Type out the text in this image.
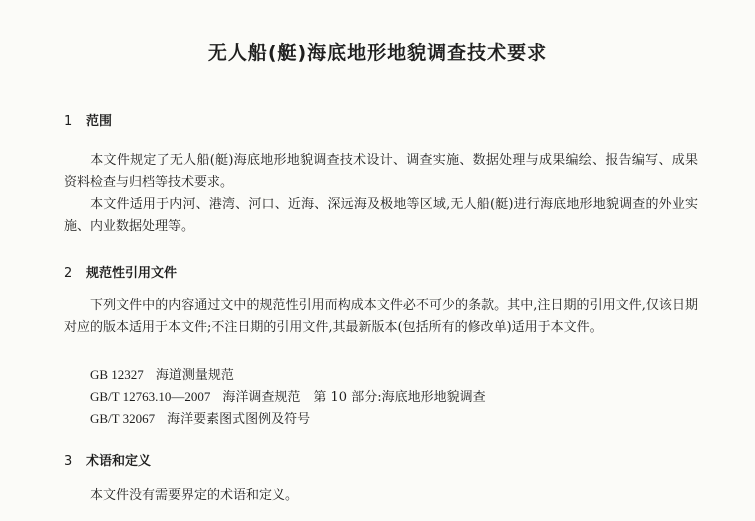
无人船(艇)海底地形地貌调查技术要求
1 范围

本文件规定了无人船(艇)海底地形地貌调查技术设计、调查实施、数据处理与成果编绘、报告编写、成果资料检查与归档等技术要求。

本文件适用于内河、港湾、河口、近海、深远海及极地等区域,无人船(艇)进行海底地形地貌调查的外业实施、内业数据处理等。

2 规范性引用文件

下列文件中的内容通过文中的规范性引用而构成本文件必不可少的条款。其中,注日期的引用文件,仅该日期对应的版本适用于本文件;不注日期的引用文件,其最新版本(包括所有的修改单)适用于本文件。

GB 12327 海道测量规范
GB/T 12763.10—2007 海洋调查规范　第 10 部分:海底地形地貌调查
GB/T 32067 海洋要素图式图例及符号
3 术语和定义

本文件没有需要界定的术语和定义。
